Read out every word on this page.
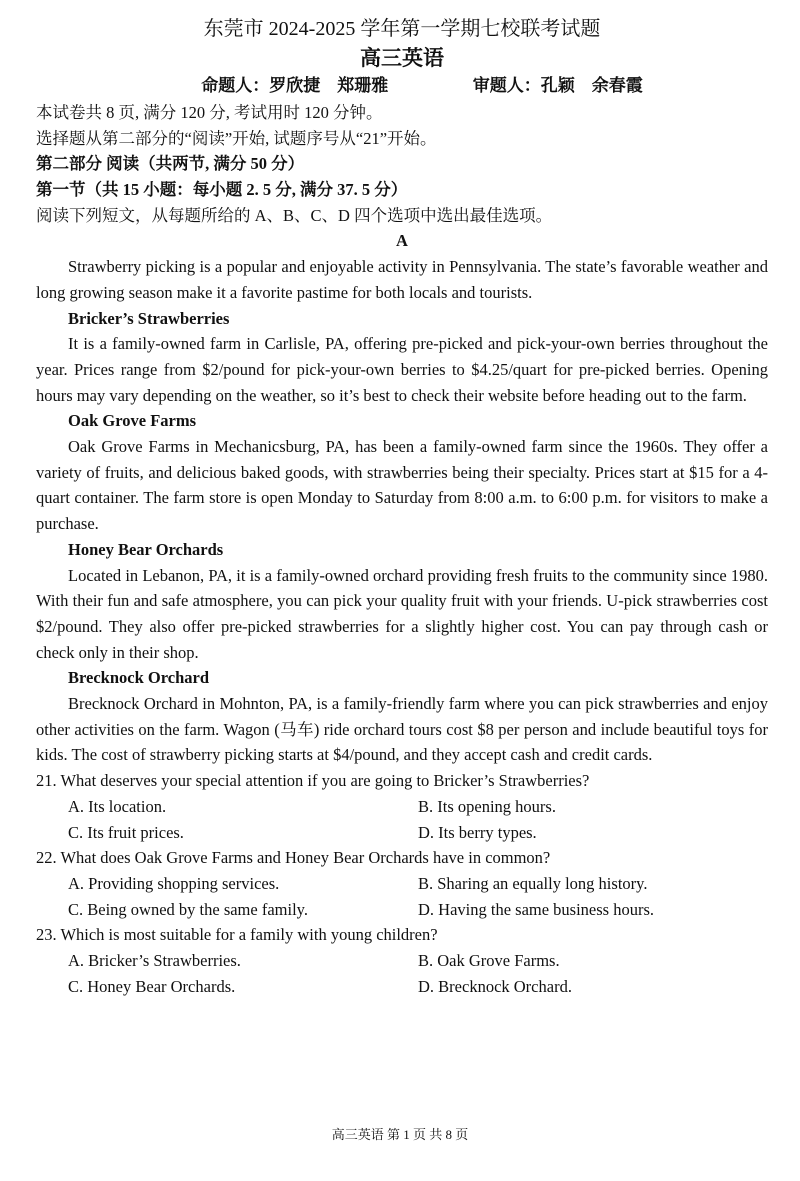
东莞市 2024-2025 学年第一学期七校联考试题
高三英语
命题人：罗欣捷　郑珊雅	审题人：孔颖　余春霞
本试卷共 8 页, 满分 120 分, 考试用时 120 分钟。
选择题从第二部分的“阅读”开始, 试题序号从“21”开始。
第二部分 阅读（共两节, 满分 50 分）
第一节（共 15 小题：每小题 2. 5 分, 满分 37. 5 分）
阅读下列短文，从每题所给的 A、B、C、D 四个选项中选出最佳选项。
A

Strawberry picking is a popular and enjoyable activity in Pennsylvania. The state’s favorable weather and long growing season make it a favorite pastime for both locals and tourists.

Bricker’s Strawberries

It is a family-owned farm in Carlisle, PA, offering pre-picked and pick-your-own berries throughout the year. Prices range from $2/pound for pick-your-own berries to $4.25/quart for pre-picked berries. Opening hours may vary depending on the weather, so it’s best to check their website before heading out to the farm.

Oak Grove Farms

Oak Grove Farms in Mechanicsburg, PA, has been a family-owned farm since the 1960s. They offer a variety of fruits, and delicious baked goods, with strawberries being their specialty. Prices start at $15 for a 4-quart container. The farm store is open Monday to Saturday from 8:00 a.m. to 6:00 p.m. for visitors to make a purchase.

Honey Bear Orchards

Located in Lebanon, PA, it is a family-owned orchard providing fresh fruits to the community since 1980. With their fun and safe atmosphere, you can pick your quality fruit with your friends. U-pick strawberries cost $2/pound. They also offer pre-picked strawberries for a slightly higher cost. You can pay through cash or check only in their shop.

Brecknock Orchard

Brecknock Orchard in Mohnton, PA, is a family-friendly farm where you can pick strawberries and enjoy other activities on the farm. Wagon (马车) ride orchard tours cost $8 per person and include beautiful toys for kids. The cost of strawberry picking starts at $4/pound, and they accept cash and credit cards.

21. What deserves your special attention if you are going to Bricker’s Strawberries?
A. Its location.	B. Its opening hours.
C. Its fruit prices.	D. Its berry types.
22. What does Oak Grove Farms and Honey Bear Orchards have in common?
A. Providing shopping services.	B. Sharing an equally long history.
C. Being owned by the same family.	D. Having the same business hours.
23. Which is most suitable for a family with young children?
A. Bricker’s Strawberries.	B. Oak Grove Farms.
C. Honey Bear Orchards.	D. Brecknock Orchard.
高三英语 第 1 页 共 8 页
